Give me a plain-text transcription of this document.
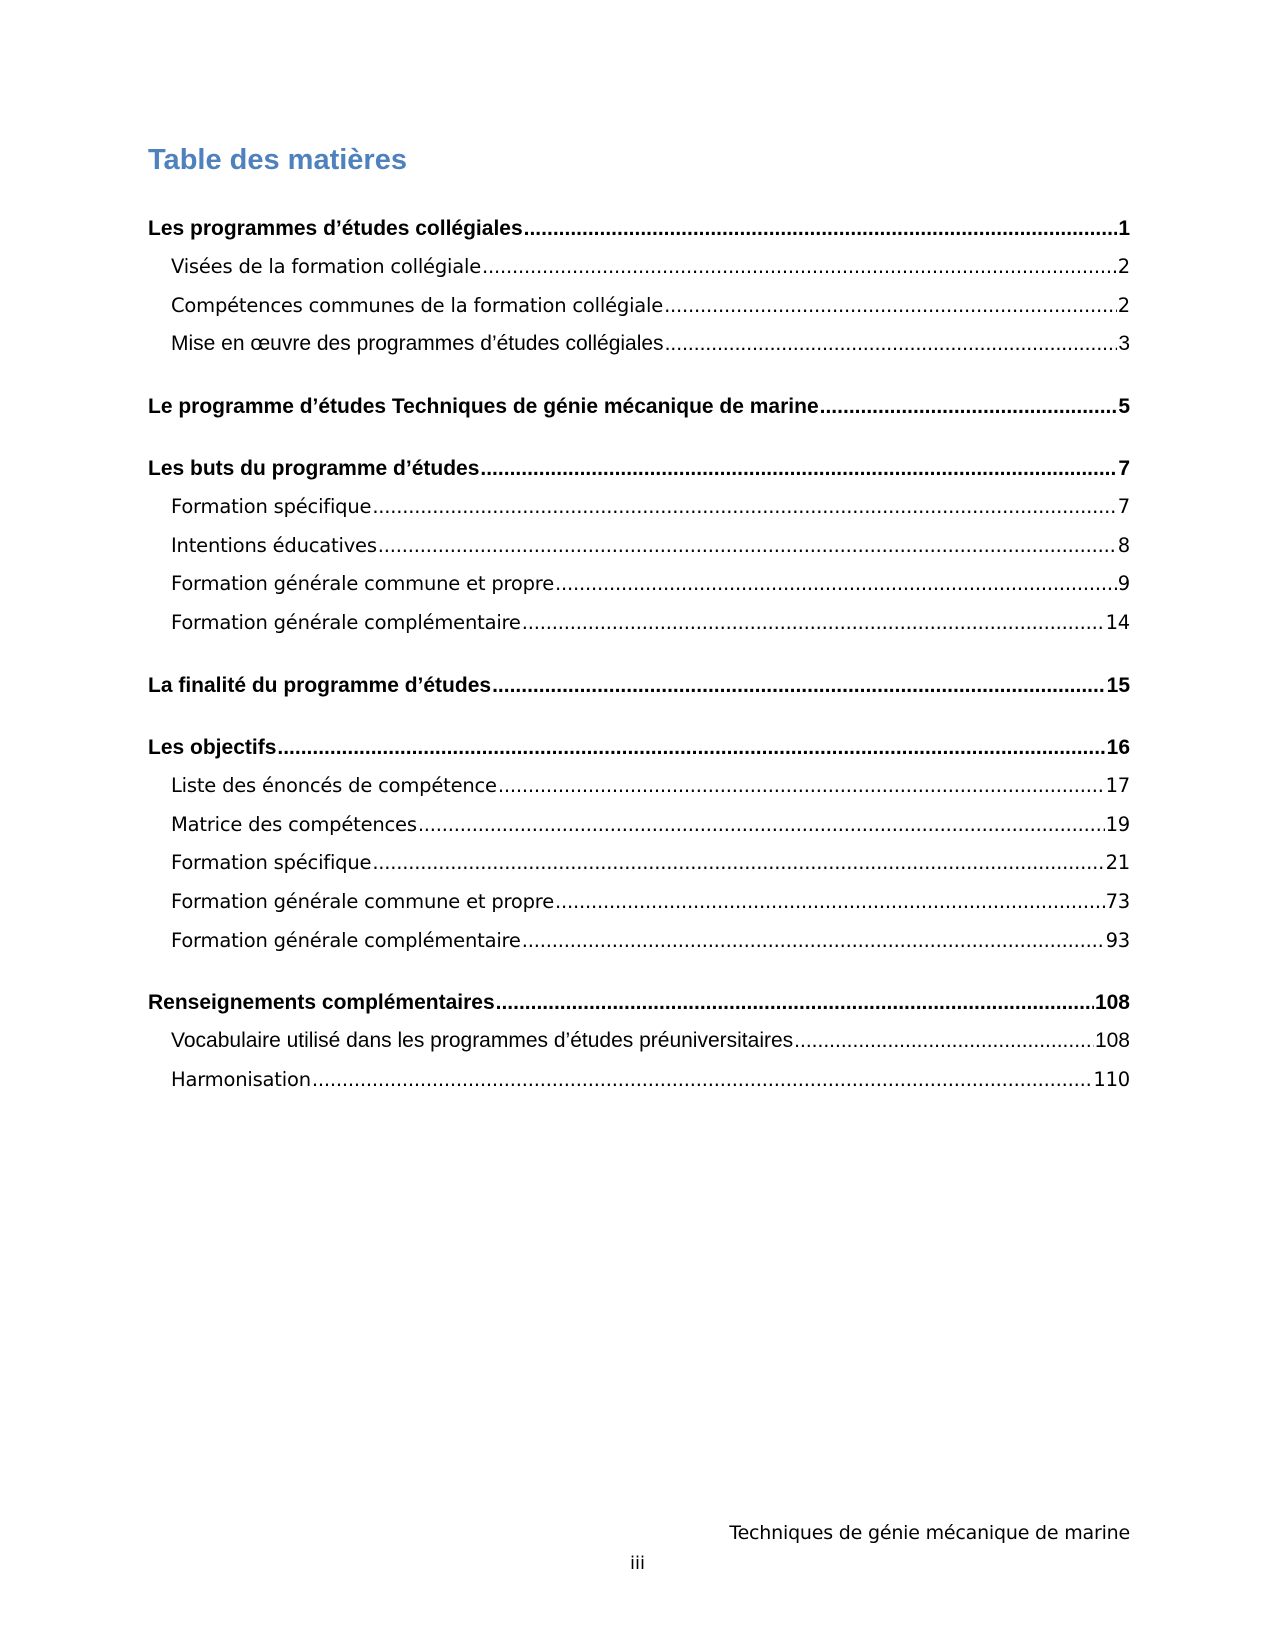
Table des matières
Les programmes d’études collégiales .....	1
Visées de la formation collégiale .....	2
Compétences communes de la formation collégiale .....	2
Mise en œuvre des programmes d’études collégiales .....	3
Le programme d’études Techniques de génie mécanique de marine .....	5
Les buts du programme d’études .....	7
Formation spécifique .....	7
Intentions éducatives .....	8
Formation générale commune et propre .....	9
Formation générale complémentaire .....	14
La finalité du programme d’études .....	15
Les objectifs .....	16
Liste des énoncés de compétence .....	17
Matrice des compétences .....	19
Formation spécifique .....	21
Formation générale commune et propre .....	73
Formation générale complémentaire .....	93
Renseignements complémentaires .....	108
Vocabulaire utilisé dans les programmes d’études préuniversitaires .....	108
Harmonisation .....	110
Techniques de génie mécanique de marine
iii
